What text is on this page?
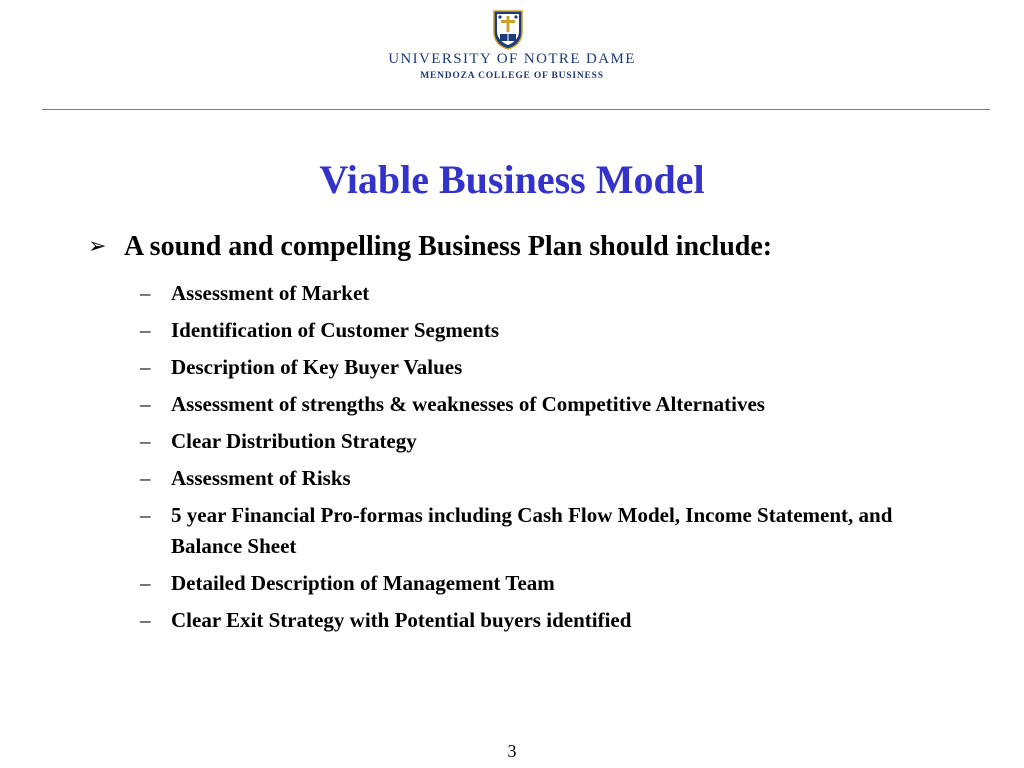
UNIVERSITY OF NOTRE DAME
MENDOZA COLLEGE OF BUSINESS
Viable Business Model
➢ A sound and compelling Business Plan should include:
– Assessment of Market
– Identification of Customer Segments
– Description of Key Buyer Values
– Assessment of strengths & weaknesses of Competitive Alternatives
– Clear Distribution Strategy
– Assessment of Risks
– 5 year Financial Pro-formas including Cash Flow Model, Income Statement, and Balance Sheet
– Detailed Description of Management Team
– Clear Exit Strategy with Potential buyers identified
3
